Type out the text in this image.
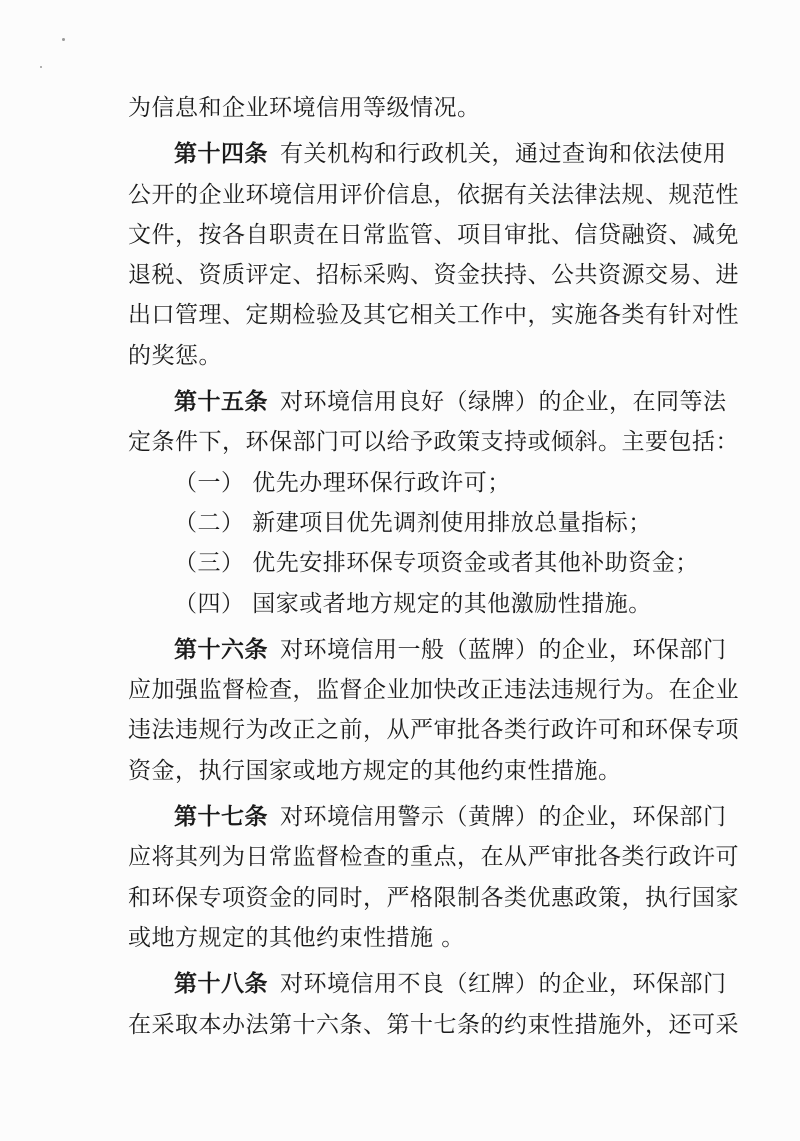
为信息和企业环境信用等级情况。
第十四条 有关机构和行政机关，通过查询和依法使用
公开的企业环境信用评价信息，依据有关法律法规、规范性
文件，按各自职责在日常监管、项目审批、信贷融资、减免
退税、资质评定、招标采购、资金扶持、公共资源交易、进
出口管理、定期检验及其它相关工作中，实施各类有针对性
的奖惩。
第十五条 对环境信用良好（绿牌）的企业，在同等法
定条件下，环保部门可以给予政策支持或倾斜。主要包括：
（一） 优先办理环保行政许可；
（二） 新建项目优先调剂使用排放总量指标；
（三） 优先安排环保专项资金或者其他补助资金；
（四） 国家或者地方规定的其他激励性措施。
第十六条 对环境信用一般（蓝牌）的企业，环保部门
应加强监督检查，监督企业加快改正违法违规行为。在企业
违法违规行为改正之前，从严审批各类行政许可和环保专项
资金，执行国家或地方规定的其他约束性措施。
第十七条 对环境信用警示（黄牌）的企业，环保部门
应将其列为日常监督检查的重点，在从严审批各类行政许可
和环保专项资金的同时，严格限制各类优惠政策，执行国家
或地方规定的其他约束性措施 。
第十八条 对环境信用不良（红牌）的企业，环保部门
在采取本办法第十六条、第十七条的约束性措施外，还可采
